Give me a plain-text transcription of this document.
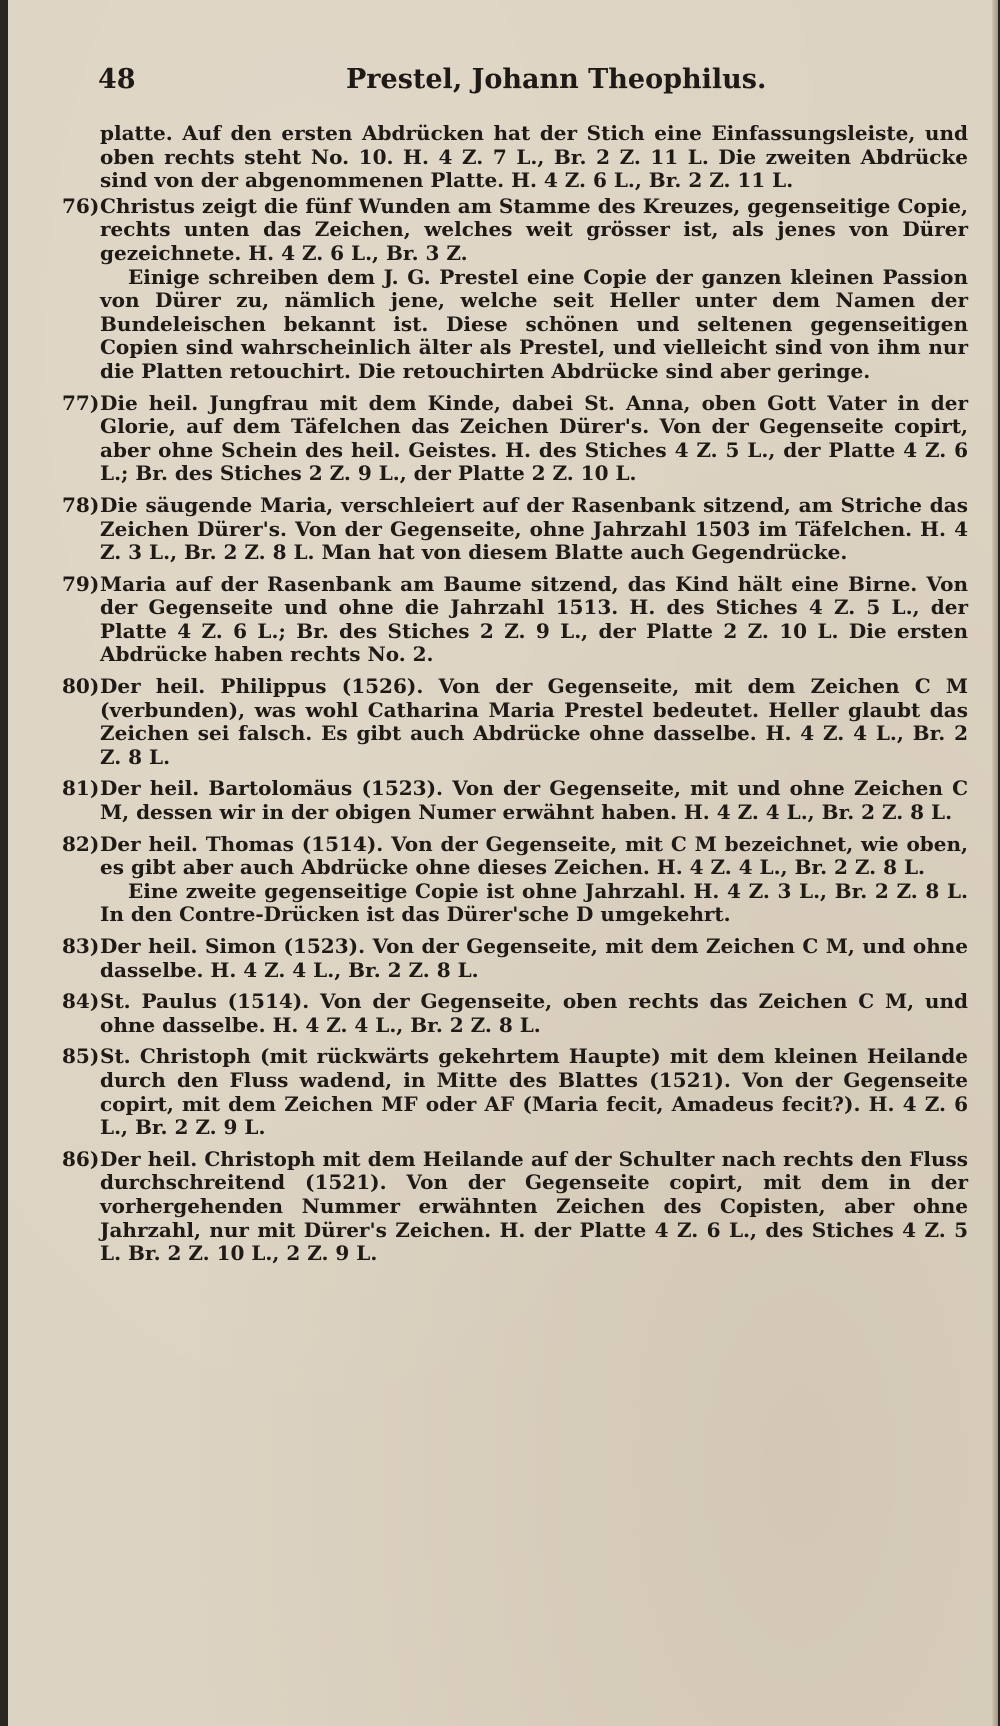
48	Prestel, Johann Theophilus.
platte. Auf den ersten Abdrücken hat der Stich eine Einfassungsleiste, und oben rechts steht No. 10. H. 4 Z. 7 L., Br. 2 Z. 11 L. Die zweiten Abdrücke sind von der abgenommenen Platte. H. 4 Z. 6 L., Br. 2 Z. 11 L.
76) Christus zeigt die fünf Wunden am Stamme des Kreuzes, gegenseitige Copie, rechts unten das Zeichen, welches weit grösser ist, als jenes von Dürer gezeichnete. H. 4 Z. 6 L., Br. 3 Z.
Einige schreiben dem J. G. Prestel eine Copie der ganzen kleinen Passion von Dürer zu, nämlich jene, welche seit Heller unter dem Namen der Bundeleischen bekannt ist. Diese schönen und seltenen gegenseitigen Copien sind wahrscheinlich älter als Prestel, und vielleicht sind von ihm nur die Platten retouchirt. Die retouchirten Abdrücke sind aber geringe.
77) Die heil. Jungfrau mit dem Kinde, dabei St. Anna, oben Gott Vater in der Glorie, auf dem Täfelchen das Zeichen Dürer's. Von der Gegenseite copirt, aber ohne Schein des heil. Geistes. H. des Stiches 4 Z. 5 L., der Platte 4 Z. 6 L.; Br. des Stiches 2 Z. 9 L., der Platte 2 Z. 10 L.
78) Die säugende Maria, verschleiert auf der Rasenbank sitzend, am Striche das Zeichen Dürer's. Von der Gegenseite, ohne Jahrzahl 1503 im Täfelchen. H. 4 Z. 3 L., Br. 2 Z. 8 L. Man hat von diesem Blatte auch Gegendrücke.
79) Maria auf der Rasenbank am Baume sitzend, das Kind hält eine Birne. Von der Gegenseite und ohne die Jahrzahl 1513. H. des Stiches 4 Z. 5 L., der Platte 4 Z. 6 L.; Br. des Stiches 2 Z. 9 L., der Platte 2 Z. 10 L. Die ersten Abdrücke haben rechts No. 2.
80) Der heil. Philippus (1526). Von der Gegenseite, mit dem Zeichen C M (verbunden), was wohl Catharina Maria Prestel bedeutet. Heller glaubt das Zeichen sei falsch. Es gibt auch Abdrücke ohne dasselbe. H. 4 Z. 4 L., Br. 2 Z. 8 L.
81) Der heil. Bartolomäus (1523). Von der Gegenseite, mit und ohne Zeichen C M, dessen wir in der obigen Numer erwähnt haben. H. 4 Z. 4 L., Br. 2 Z. 8 L.
82) Der heil. Thomas (1514). Von der Gegenseite, mit C M bezeichnet, wie oben, es gibt aber auch Abdrücke ohne dieses Zeichen. H. 4 Z. 4 L., Br. 2 Z. 8 L.
Eine zweite gegenseitige Copie ist ohne Jahrzahl. H. 4 Z. 3 L., Br. 2 Z. 8 L. In den Contre-Drücken ist das Dürer'sche D umgekehrt.
83) Der heil. Simon (1523). Von der Gegenseite, mit dem Zeichen C M, und ohne dasselbe. H. 4 Z. 4 L., Br. 2 Z. 8 L.
84) St. Paulus (1514). Von der Gegenseite, oben rechts das Zeichen C M, und ohne dasselbe. H. 4 Z. 4 L., Br. 2 Z. 8 L.
85) St. Christoph (mit rückwärts gekehrtem Haupte) mit dem kleinen Heilande durch den Fluss wadend, in Mitte des Blattes (1521). Von der Gegenseite copirt, mit dem Zeichen MF oder AF (Maria fecit, Amadeus fecit?). H. 4 Z. 6 L., Br. 2 Z. 9 L.
86) Der heil. Christoph mit dem Heilande auf der Schulter nach rechts den Fluss durchschreitend (1521). Von der Gegenseite copirt, mit dem in der vorhergehenden Nummer erwähnten Zeichen des Copisten, aber ohne Jahrzahl, nur mit Dürer's Zeichen. H. der Platte 4 Z. 6 L., des Stiches 4 Z. 5 L. Br. 2 Z. 10 L., 2 Z. 9 L.
